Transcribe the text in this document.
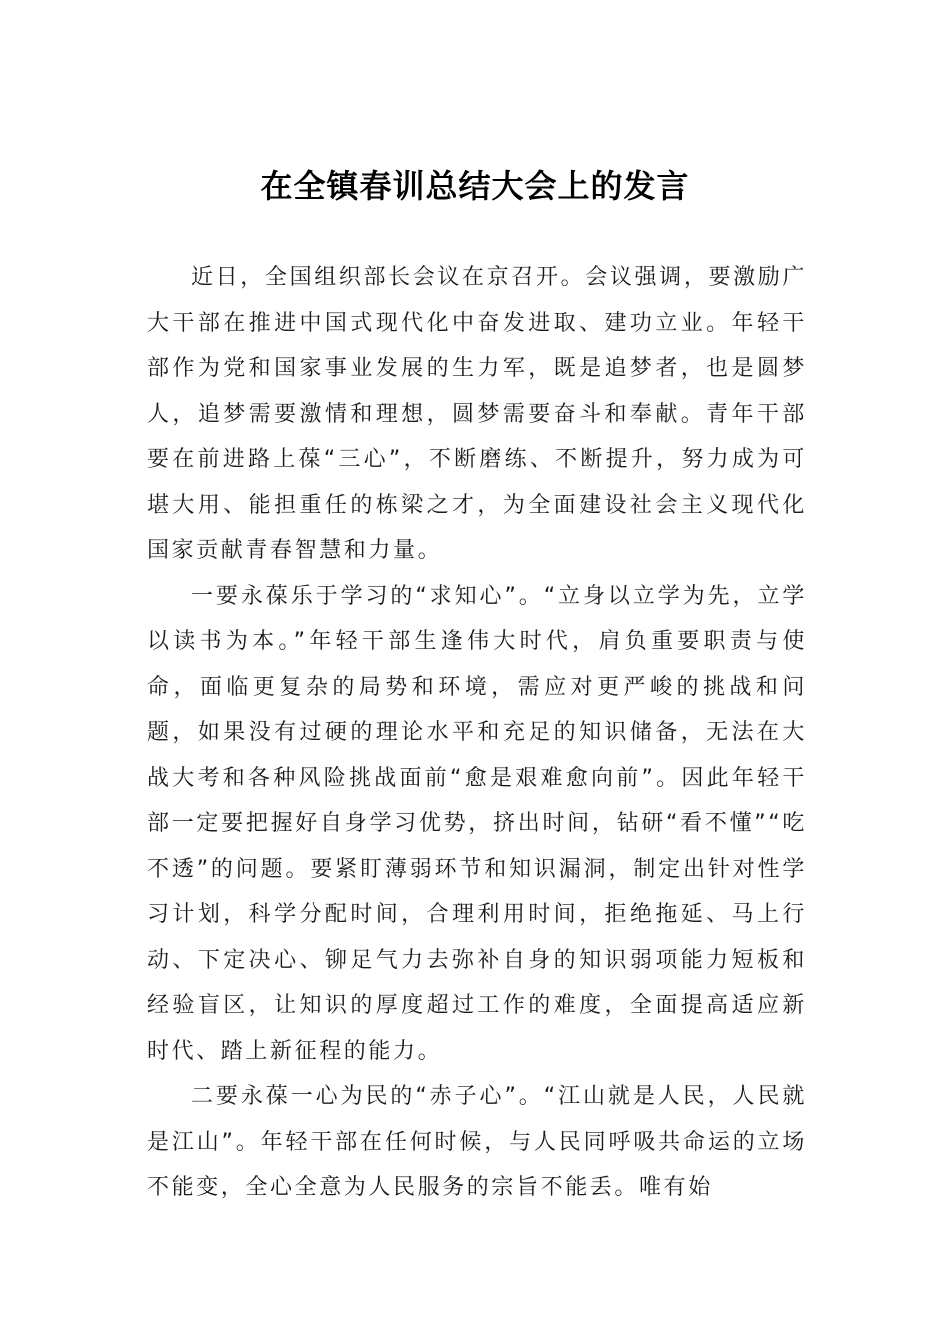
在全镇春训总结大会上的发言

近日，全国组织部长会议在京召开。会议强调，要激励广大干部在推进中国式现代化中奋发进取、建功立业。年轻干部作为党和国家事业发展的生力军，既是追梦者，也是圆梦人，追梦需要激情和理想，圆梦需要奋斗和奉献。青年干部要在前进路上葆“三心”，不断磨练、不断提升，努力成为可堪大用、能担重任的栋梁之才，为全面建设社会主义现代化国家贡献青春智慧和力量。

一要永葆乐于学习的“求知心”。“立身以立学为先，立学以读书为本。”年轻干部生逢伟大时代，肩负重要职责与使命，面临更复杂的局势和环境，需应对更严峻的挑战和问题，如果没有过硬的理论水平和充足的知识储备，无法在大战大考和各种风险挑战面前“愈是艰难愈向前”。因此年轻干部一定要把握好自身学习优势，挤出时间，钻研“看不懂”“吃不透”的问题。要紧盯薄弱环节和知识漏洞，制定出针对性学习计划，科学分配时间，合理利用时间，拒绝拖延、马上行动、下定决心、铆足气力去弥补自身的知识弱项能力短板和经验盲区，让知识的厚度超过工作的难度，全面提高适应新时代、踏上新征程的能力。

二要永葆一心为民的“赤子心”。“江山就是人民，人民就是江山”。年轻干部在任何时候，与人民同呼吸共命运的立场不能变，全心全意为人民服务的宗旨不能丢。唯有始
